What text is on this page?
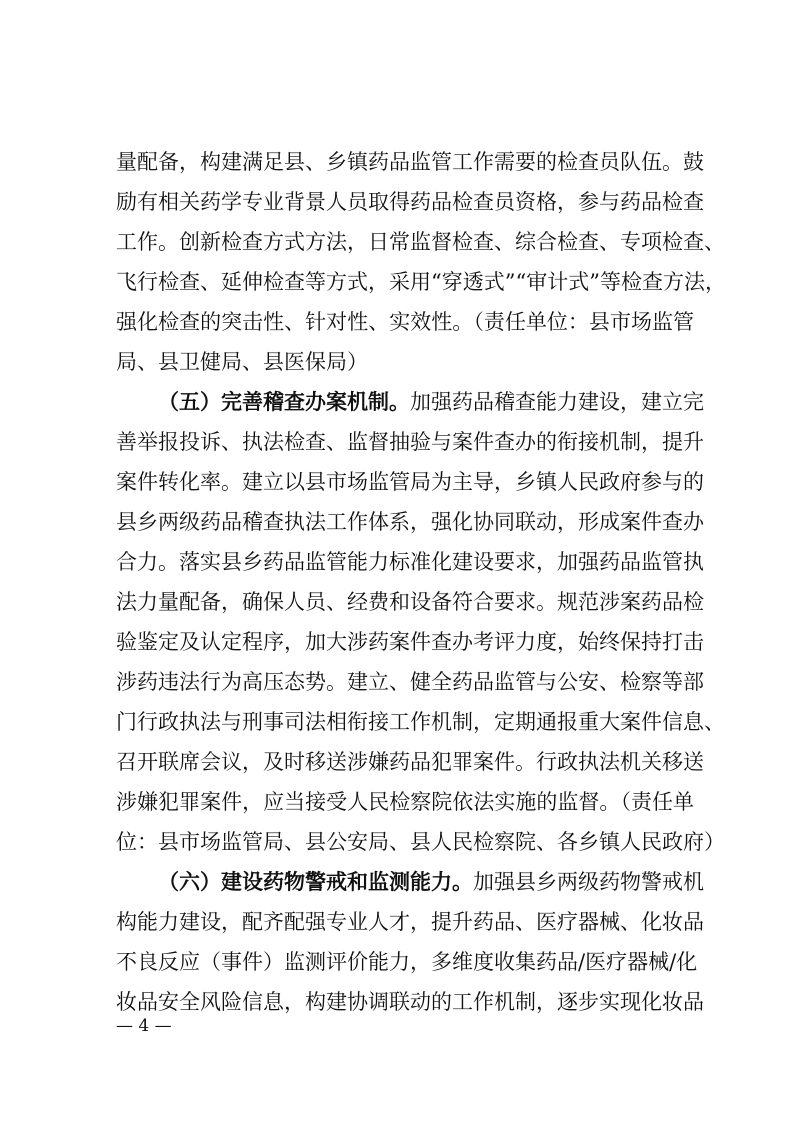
量配备，构建满足县、乡镇药品监管工作需要的检查员队伍。鼓
励有相关药学专业背景人员取得药品检查员资格，参与药品检查
工作。创新检查方式方法，日常监督检查、综合检查、专项检查、
飞行检查、延伸检查等方式，采用“穿透式”“审计式”等检查方法，
强化检查的突击性、针对性、实效性。（责任单位：县市场监管
局、县卫健局、县医保局）
（五）完善稽查办案机制。加强药品稽查能力建设，建立完
善举报投诉、执法检查、监督抽验与案件查办的衔接机制，提升
案件转化率。建立以县市场监管局为主导，乡镇人民政府参与的
县乡两级药品稽查执法工作体系，强化协同联动，形成案件查办
合力。落实县乡药品监管能力标准化建设要求，加强药品监管执
法力量配备，确保人员、经费和设备符合要求。规范涉案药品检
验鉴定及认定程序，加大涉药案件查办考评力度，始终保持打击
涉药违法行为高压态势。建立、健全药品监管与公安、检察等部
门行政执法与刑事司法相衔接工作机制，定期通报重大案件信息、
召开联席会议，及时移送涉嫌药品犯罪案件。行政执法机关移送
涉嫌犯罪案件，应当接受人民检察院依法实施的监督。（责任单
位：县市场监管局、县公安局、县人民检察院、各乡镇人民政府）
（六）建设药物警戒和监测能力。加强县乡两级药物警戒机
构能力建设，配齐配强专业人才，提升药品、医疗器械、化妆品
不良反应（事件）监测评价能力，多维度收集药品/医疗器械/化
妆品安全风险信息，构建协调联动的工作机制，逐步实现化妆品
— 4 —
